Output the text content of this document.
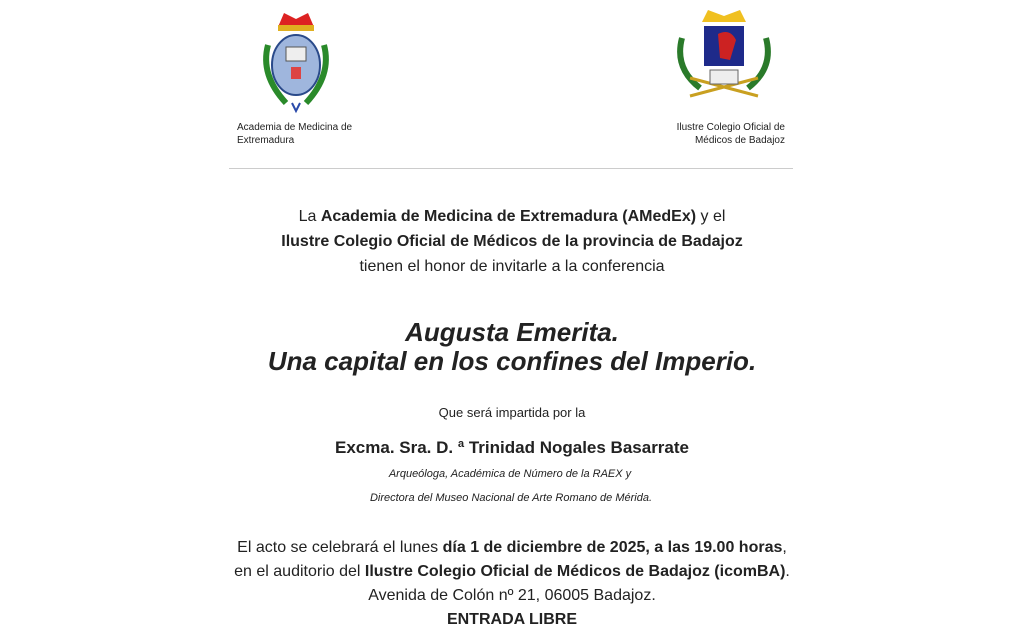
Academia de Medicina de
Extremadura
Ilustre Colegio Oficial de
Médicos de Badajoz
La Academia de Medicina de Extremadura (AMedEx) y el
Ilustre Colegio Oficial de Médicos de la provincia de Badajoz
tienen el honor de invitarle a la conferencia
Augusta Emerita.
Una capital en los confines del Imperio.
Que será impartida por la
Excma. Sra. D. ª Trinidad Nogales Basarrate
Arqueóloga, Académica de Número de la RAEX y
Directora del Museo Nacional de Arte Romano de Mérida.
El acto se celebrará el lunes día 1 de diciembre de 2025, a las 19.00 horas,
en el auditorio del Ilustre Colegio Oficial de Médicos de Badajoz (icomBA).
Avenida de Colón nº 21, 06005 Badajoz.
ENTRADA LIBRE
